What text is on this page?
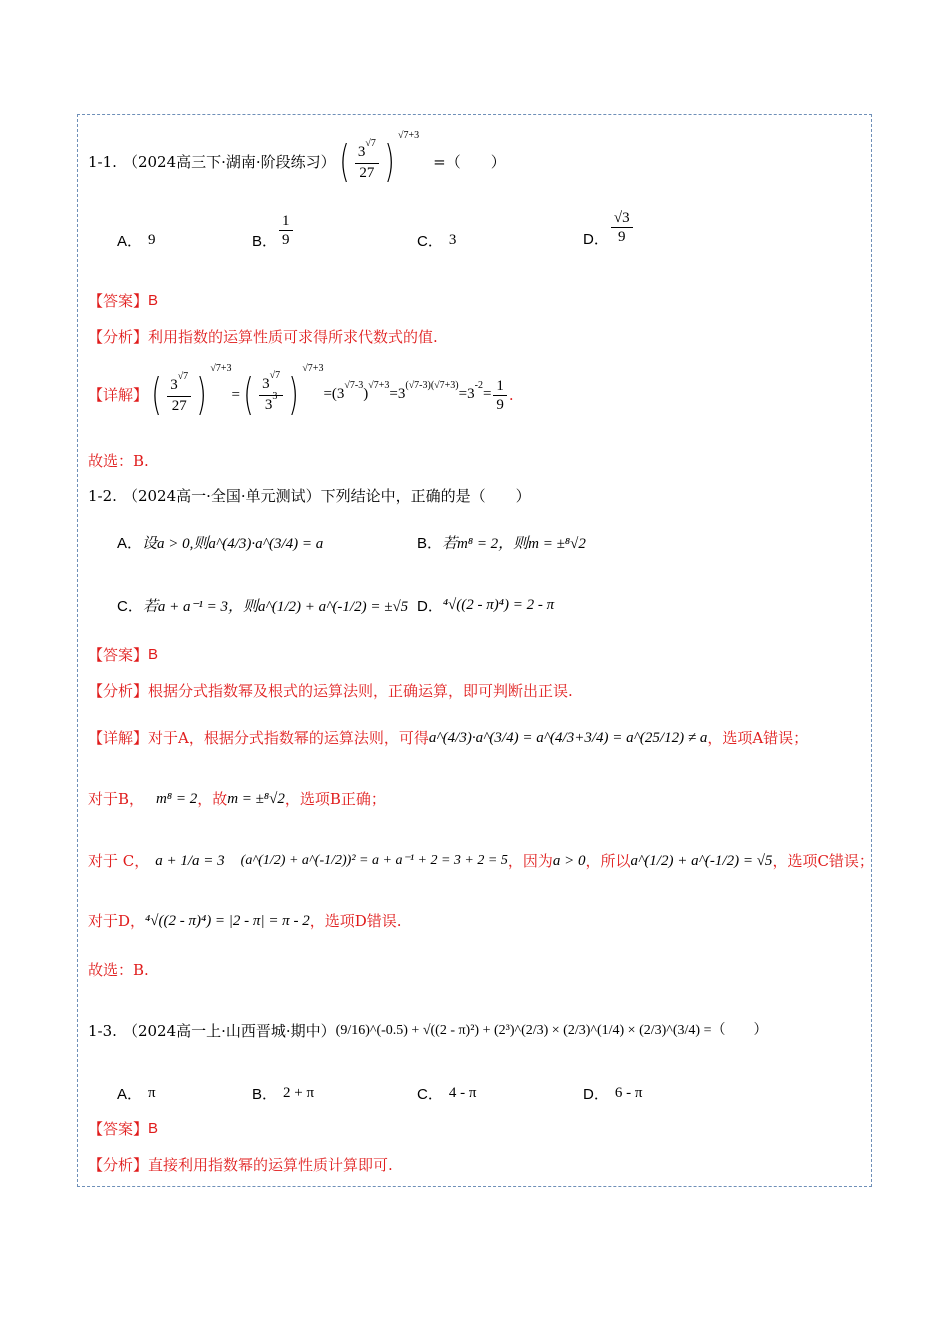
1-1. （2024高三下·湖南·阶段练习） ( $\frac{3^{√7}}{27}$ )
√7+3
=（　　）
A． 9	B． $\frac{1}{9}$	C． 3	D． $\frac{√3}{9}$
【答案】 B
【分析】 利用指数的运算性质可求得所求代数式的值.
【详解】 ( $\frac{3^{√7}}{27}$ )
√7+3
= ( $\frac{3^{√7}}{3^3}$ )
√7+3
$=(3^{√7-3})^{√7+3}=3^{(√7-3)(√7+3)}=3^{-2}= \frac{1}{9}$ .
故选：B.
1-2. （2024高一·全国·单元测试）下列结论中，正确的是（　　）
A． 设a > 0,则a^(4/3)·a^(3/4) = a	B． 若m⁸ = 2，则m = ±⁸√2
C． 若a + a⁻¹ = 3，则a^(1/2) + a^(-1/2) = ±√5 D． ⁴√((2 - π)⁴) = 2 - π
【答案】 B
【分析】 根据分式指数幂及根式的运算法则，正确运算，即可判断出正误.
【详解】 对于A，根据分式指数幂的运算法则，可得 a^(4/3)·a^(3/4) = a^(4/3+3/4) = a^(25/12) ≠ a ，选项A错误；
对于B， m⁸ = 2 ，故 m = ±⁸√2 ，选项B正确；
对于 C， a + 1/a = 3 (a^(1/2) + a^(-1/2))² = a + a⁻¹ + 2 = 3 + 2 = 5 ，因为 a > 0 ，所以 a^(1/2) + a^(-1/2) = √5 ，选项C错误；
对于D， ⁴√((2 - π)⁴) = |2 - π| = π - 2 ，选项D错误.
故选：B.
1-3. （2024高一上·山西晋城·期中） (9/16)^(-0.5) + √((2 - π)²) + (2³)^(2/3) × (2/3)^(1/4) × (2/3)^(3/4) =（　　）
A． π	B． 2 + π	C． 4 - π	D． 6 - π
【答案】 B
【分析】 直接利用指数幂的运算性质计算即可.
